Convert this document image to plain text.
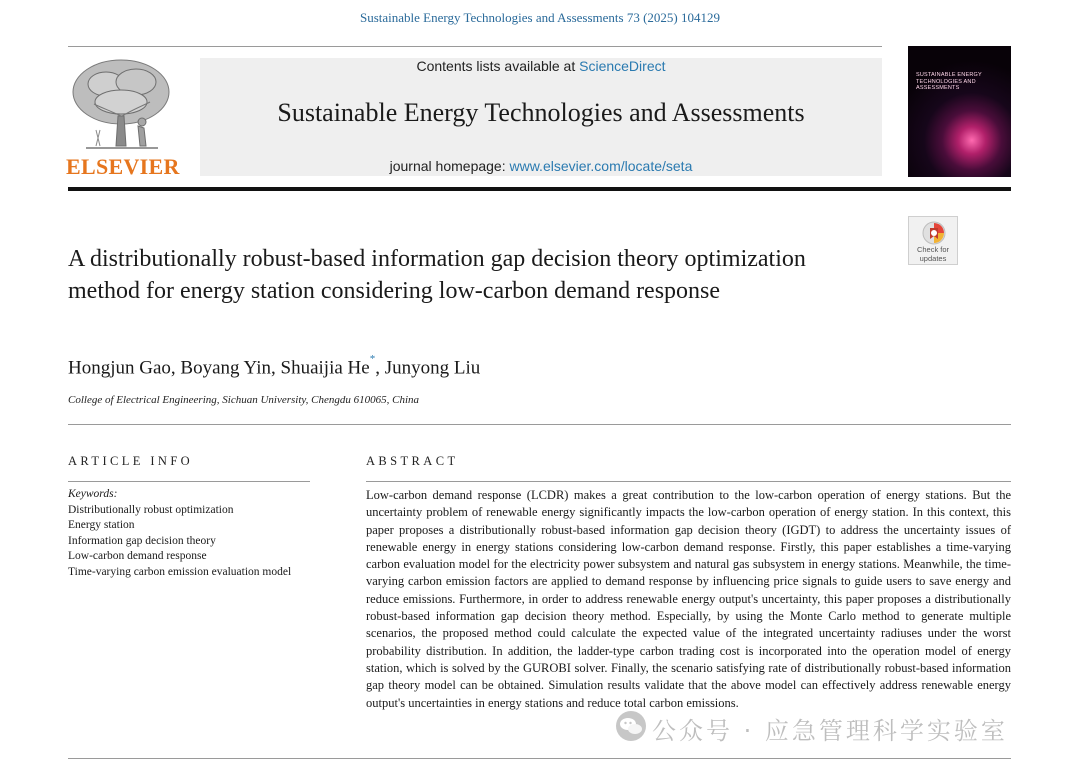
Sustainable Energy Technologies and Assessments 73 (2025) 104129
ELSEVIER
Contents lists available at ScienceDirect
Sustainable Energy Technologies and Assessments
journal homepage: www.elsevier.com/locate/seta
SUSTAINABLE ENERGY TECHNOLOGIES AND ASSESSMENTS
Check for
updates
A distributionally robust-based information gap decision theory optimization method for energy station considering low-carbon demand response
Hongjun Gao, Boyang Yin, Shuaijia He*, Junyong Liu
College of Electrical Engineering, Sichuan University, Chengdu 610065, China
ARTICLE INFO
Keywords:
Distributionally robust optimization
Energy station
Information gap decision theory
Low-carbon demand response
Time-varying carbon emission evaluation model
ABSTRACT

Low-carbon demand response (LCDR) makes a great contribution to the low-carbon operation of energy stations. But the uncertainty problem of renewable energy significantly impacts the low-carbon operation of energy station. In this context, this paper proposes a distributionally robust-based information gap decision theory (IGDT) to address the uncertainty issues of renewable energy in energy stations considering low-carbon demand response. Firstly, this paper establishes a time-varying carbon evaluation model for the electricity power subsystem and natural gas subsystem in energy stations. Meanwhile, the time-varying carbon emission factors are applied to demand response by influencing price signals to guide users to save energy and reduce emissions. Furthermore, in order to address renewable energy output's uncertainty, this paper proposes a distributionally robust-based information gap decision theory method. Especially, by using the Monte Carlo method to generate multiple scenarios, the proposed method could calculate the expected value of the integrated uncertainty radiuses under the worst probability distribution. In addition, the ladder-type carbon trading cost is incorporated into the operation model of energy station, which is solved by the GUROBI solver. Finally, the scenario satisfying rate of distributionally robust-based information gap theory model can be obtained. Simulation results validate that the above model can effectively address renewable energy output's uncertainties in energy stations and reduce total carbon emissions.

公众号 · 应急管理科学实验室
